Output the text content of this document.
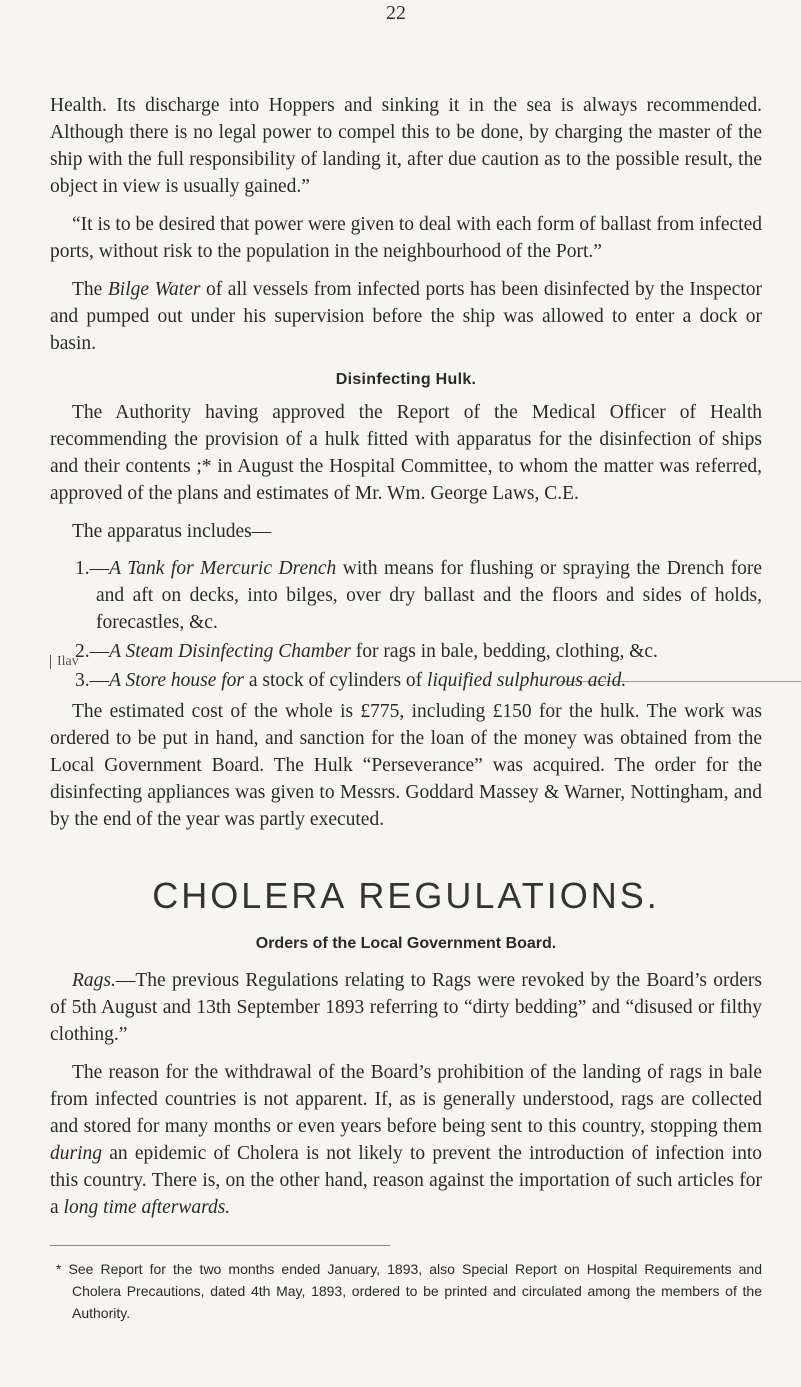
22
Ilav

Health. Its discharge into Hoppers and sinking it in the sea is always recommended. Although there is no legal power to compel this to be done, by charging the master of the ship with the full responsibility of landing it, after due caution as to the possible result, the object in view is usually gained.”

“It is to be desired that power were given to deal with each form of ballast from infected ports, without risk to the population in the neighbourhood of the Port.”

The Bilge Water of all vessels from infected ports has been disinfected by the Inspector and pumped out under his supervision before the ship was allowed to enter a dock or basin.

Disinfecting Hulk.

The Authority having approved the Report of the Medical Officer of Health recommending the provision of a hulk fitted with apparatus for the disinfection of ships and their contents ;* in August the Hospital Committee, to whom the matter was referred, approved of the plans and estimates of Mr. Wm. George Laws, C.E.

The apparatus includes—

1.—A Tank for Mercuric Drench with means for flushing or spraying the Drench fore and aft on decks, into bilges, over dry ballast and the floors and sides of holds, forecastles, &c.
2.—A Steam Disinfecting Chamber for rags in bale, bedding, clothing, &c.
3.—A Store house for a stock of cylinders of liquified sulphurous acid.

The estimated cost of the whole is £775, including £150 for the hulk. The work was ordered to be put in hand, and sanction for the loan of the money was obtained from the Local Government Board. The Hulk “Perseverance” was acquired. The order for the disinfecting appliances was given to Messrs. Goddard Massey & Warner, Nottingham, and by the end of the year was partly executed.

CHOLERA REGULATIONS.
Orders of the Local Government Board.

Rags.—The previous Regulations relating to Rags were revoked by the Board’s orders of 5th August and 13th September 1893 referring to “dirty bedding” and “disused or filthy clothing.”

The reason for the withdrawal of the Board’s prohibition of the landing of rags in bale from infected countries is not apparent. If, as is generally understood, rags are collected and stored for many months or even years before being sent to this country, stopping them during an epidemic of Cholera is not likely to prevent the introduction of infection into this country. There is, on the other hand, reason against the importation of such articles for a long time afterwards.

* See Report for the two months ended January, 1893, also Special Report on Hospital Requirements and Cholera Precautions, dated 4th May, 1893, ordered to be printed and circulated among the members of the Authority.
